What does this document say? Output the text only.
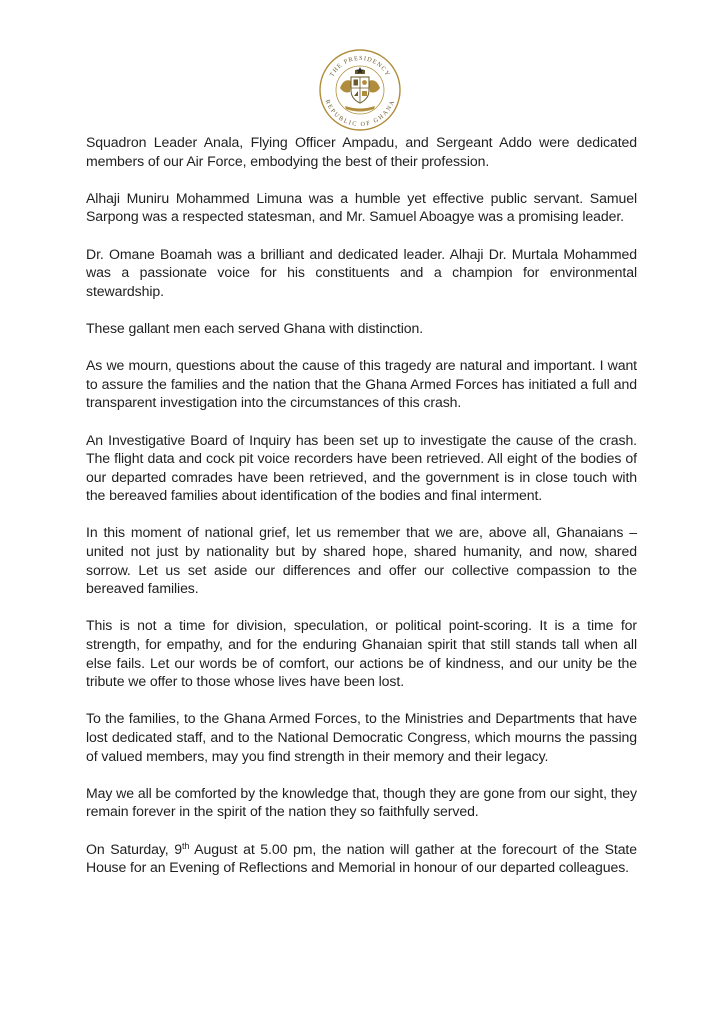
THE PRESIDENCY
REPUBLIC OF GHANA

Squadron Leader Anala, Flying Officer Ampadu, and Sergeant Addo were dedicated members of our Air Force, embodying the best of their profession.

Alhaji Muniru Mohammed Limuna was a humble yet effective public servant. Samuel Sarpong was a respected statesman, and Mr. Samuel Aboagye was a promising leader.

Dr. Omane Boamah was a brilliant and dedicated leader. Alhaji Dr. Murtala Mohammed was a passionate voice for his constituents and a champion for environmental stewardship.

These gallant men each served Ghana with distinction.

As we mourn, questions about the cause of this tragedy are natural and important. I want to assure the families and the nation that the Ghana Armed Forces has initiated a full and transparent investigation into the circumstances of this crash.

An Investigative Board of Inquiry has been set up to investigate the cause of the crash. The flight data and cock pit voice recorders have been retrieved. All eight of the bodies of our departed comrades have been retrieved, and the government is in close touch with the bereaved families about identification of the bodies and final interment.

In this moment of national grief, let us remember that we are, above all, Ghanaians – united not just by nationality but by shared hope, shared humanity, and now, shared sorrow. Let us set aside our differences and offer our collective compassion to the bereaved families.

This is not a time for division, speculation, or political point-scoring. It is a time for strength, for empathy, and for the enduring Ghanaian spirit that still stands tall when all else fails. Let our words be of comfort, our actions be of kindness, and our unity be the tribute we offer to those whose lives have been lost.

To the families, to the Ghana Armed Forces, to the Ministries and Departments that have lost dedicated staff, and to the National Democratic Congress, which mourns the passing of valued members, may you find strength in their memory and their legacy.

May we all be comforted by the knowledge that, though they are gone from our sight, they remain forever in the spirit of the nation they so faithfully served.

On Saturday, 9th August at 5.00 pm, the nation will gather at the forecourt of the State House for an Evening of Reflections and Memorial in honour of our departed colleagues.
